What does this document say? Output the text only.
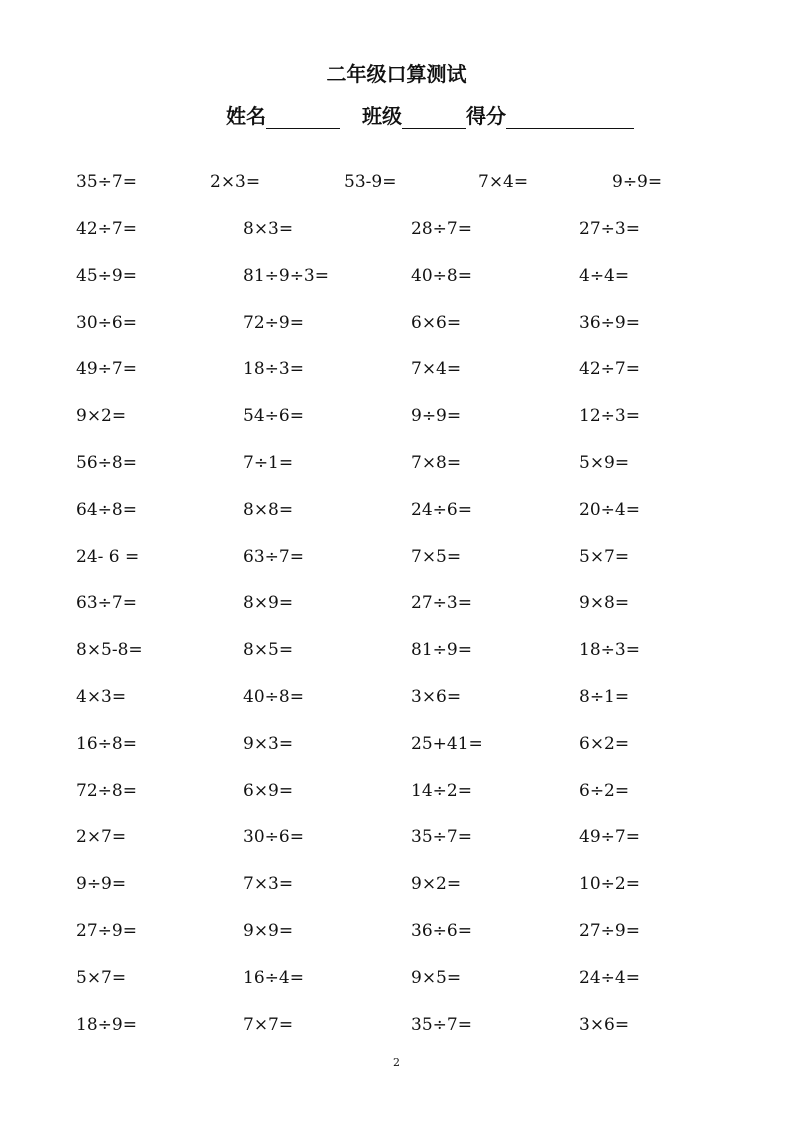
二年级口算测试
姓名	班级	得分
35÷7=	2×3=	53-9=	7×4=	9÷9=
42÷7=	8×3=	28÷7=	27÷3=
45÷9=	81÷9÷3=	40÷8=	4÷4=
30÷6=	72÷9=	6×6=	36÷9=
49÷7=	18÷3=	7×4=	42÷7=
9×2=	54÷6=	9÷9=	12÷3=
56÷8=	7÷1=	7×8=	5×9=
64÷8=	8×8=	24÷6=	20÷4=
24- 6 =	63÷7=	7×5=	5×7=
63÷7=	8×9=	27÷3=	9×8=
8×5-8=	8×5=	81÷9=	18÷3=
4×3=	40÷8=	3×6=	8÷1=
16÷8=	9×3=	25+41=	6×2=
72÷8=	6×9=	14÷2=	6÷2=
2×7=	30÷6=	35÷7=	49÷7=
9÷9=	7×3=	9×2=	10÷2=
27÷9=	9×9=	36÷6=	27÷9=
5×7=	16÷4=	9×5=	24÷4=
18÷9=	7×7=	35÷7=	3×6=
2
